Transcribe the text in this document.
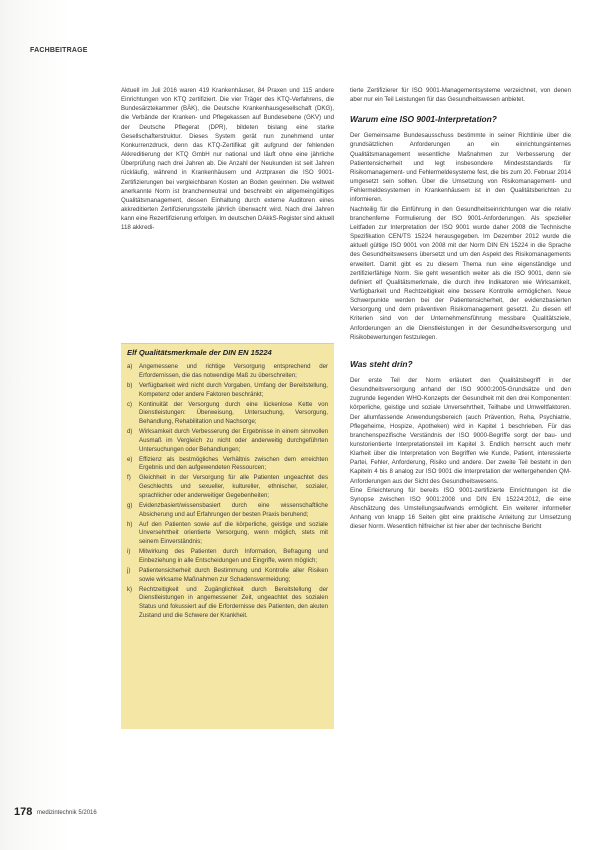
FACHBEITRAGE

Aktuell im Juli 2016 waren 419 Krankenhäuser, 84 Praxen und 115 andere Einrichtungen von KTQ zertifiziert. Die vier Träger des KTQ-Verfahrens, die Bundesärztekammer (BÄK), die Deutsche Krankenhausgesellschaft (DKG), die Verbände der Kranken- und Pflegekassen auf Bundesebene (GKV) und der Deutsche Pflegerat (DPR), bildeten bislang eine starke Gesellschafterstruktur. Dieses System gerät nun zunehmend unter Konkurrenzdruck, denn das KTQ-Zertifikat gilt aufgrund der fehlenden Akkreditierung der KTQ GmbH nur national und läuft ohne eine jährliche Überprüfung nach drei Jahren ab. Die Anzahl der Neukunden ist seit Jahren rückläufig, während in Krankenhäusern und Arztpraxen die ISO 9001-Zertifizierungen bei vergleichbaren Kosten an Boden gewinnen. Die weltweit anerkannte Norm ist branchenneutral und beschreibt ein allgemeingültiges Qualitätsmanagement, dessen Einhaltung durch externe Auditoren eines akkreditierten Zertifizierungsstelle jährlich überwacht wird. Nach drei Jahren kann eine Rezertifizierung erfolgen. Im deutschen DAkkS-Register sind aktuell 118 akkredi-

Elf Qualitätsmerkmale der DIN EN 15224
a)	Angemessene und richtige Versorgung entsprechend der Erfordernissen, die das notwendige Maß zu überschreiten;
b)	Verfügbarkeit wird nicht durch Vorgaben, Umfang der Bereitstellung, Kompetenz oder andere Faktoren beschränkt;
c)	Kontinuität der Versorgung durch eine lückenlose Kette von Dienstleistungen: Überweisung, Untersuchung, Versorgung, Behandlung, Rehabilitation und Nachsorge;
d)	Wirksamkeit durch Verbesserung der Ergebnisse in einem sinnvollen Ausmaß im Vergleich zu nicht oder anderweitig durchgeführten Untersuchungen oder Behandlungen;
e)	Effizienz als bestmögliches Verhältnis zwischen dem erreichten Ergebnis und den aufgewendeten Ressourcen;
f)	Gleichheit in der Versorgung für alle Patienten ungeachtet des Geschlechts und sexueller, kultureller, ethnischer, sozialer, sprachlicher oder anderweitiger Gegebenheiten;
g)	Evidenzbasiert/wissensbasiert durch eine wissenschaftliche Absicherung und auf Erfahrungen der besten Praxis beruhend;
h)	Auf den Patienten sowie auf die körperliche, geistige und soziale Unversehrtheit orientierte Versorgung, wenn möglich, stets mit seinem Einverständnis;
i)	Mitwirkung des Patienten durch Information, Befragung und Einbeziehung in alle Entscheidungen und Eingriffe, wenn möglich;
j)	Patientensicherheit durch Bestimmung und Kontrolle aller Risiken sowie wirksame Maßnahmen zur Schadensvermeidung;
k)	Rechtzeitigkeit und Zugänglichkeit durch Bereitstellung der Dienstleistungen in angemessener Zeit, ungeachtet des sozialen Status und fokussiert auf die Erfordernisse des Patienten, den akuten Zustand und die Schwere der Krankheit.

tierte Zertifizierer für ISO 9001-Managementsysteme verzeichnet, von denen aber nur ein Teil Leistungen für das Gesundheitswesen anbietet.

Warum eine ISO 9001-Interpretation?

Der Gemeinsame Bundesausschuss bestimmte in seiner Richtlinie über die grundsätzlichen Anforderungen an ein einrichtungsinternes Qualitätsmanagement wesentliche Maßnahmen zur Verbesserung der Patientensicherheit und legt insbesondere Mindeststandards für Risikomanagement- und Fehlermeldesysteme fest, die bis zum 20. Februar 2014 umgesetzt sein sollten. Über die Umsetzung von Risikomanagement- und Fehlermeldesystemen in Krankenhäusern ist in den Qualitätsberichten zu informieren.

Nachteilig für die Einführung in den Gesundheitseinrichtungen war die relativ branchenferne Formulierung der ISO 9001-Anforderungen. Als spezieller Leitfaden zur Interpretation der ISO 9001 wurde daher 2008 die Technische Spezifikation CEN/TS 15224 herausgegeben. Im Dezember 2012 wurde die aktuell gültige ISO 9001 von 2008 mit der Norm DIN EN 15224 in die Sprache des Gesundheitswesens übersetzt und um den Aspekt des Risikomanagements erweitert. Damit gibt es zu diesem Thema nun eine eigenständige und zertifizierfähige Norm. Sie geht wesentlich weiter als die ISO 9001, denn sie definiert elf Qualitätsmerkmale, die durch ihre Indikatoren wie Wirksamkeit, Verfügbarkeit und Rechtzeitigkeit eine bessere Kontrolle ermöglichen. Neue Schwerpunkte werden bei der Patientensicherheit, der evidenzbasierten Versorgung und dem präventiven Risikomanagement gesetzt. Zu diesen elf Kriterien sind von der Unternehmensführung messbare Qualitätsziele, Anforderungen an die Dienstleistungen in der Gesundheitsversorgung und Risikobewertungen festzulegen.

Was steht drin?

Der erste Teil der Norm erläutert den Qualitätsbegriff in der Gesundheitsversorgung anhand der ISO 9000:2005-Grundsätze und den zugrunde liegenden WHO-Konzepts der Gesundheit mit den drei Komponenten: körperliche, geistige und soziale Unversehrtheit, Teilhabe und Umweltfaktoren. Der allumfassende Anwendungsbereich (auch Prävention, Reha, Psychiatrie, Pflegeheime, Hospize, Apotheken) wird in Kapitel 1 beschrieben. Für das branchenspezifische Verständnis der ISO 9000-Begriffe sorgt der bau- und kunstorientierte Interpretationsteil im Kapitel 3. Endlich herrscht auch mehr Klarheit über die Interpretation von Begriffen wie Kunde, Patient, interessierte Partei, Fehler, Anforderung, Risiko und andere. Der zweite Teil besteht in den Kapiteln 4 bis 8 analog zur ISO 9001 die Interpretation der weltergehenden QM-Anforderungen aus der Sicht des Gesundheitswesens.

Eine Erleichterung für bereits ISO 9001-zertifizierte Einrichtungen ist die Synopse zwischen ISO 9001:2008 und DIN EN 15224:2012, die eine Abschätzung des Umstellungsaufwands ermöglicht. Ein weiterer informeller Anhang von knapp 16 Seiten gibt eine praktische Anleitung zur Umsetzung dieser Norm. Wesentlich hilfreicher ist hier aber der technische Bericht

178 medizintechnik 5/2016
